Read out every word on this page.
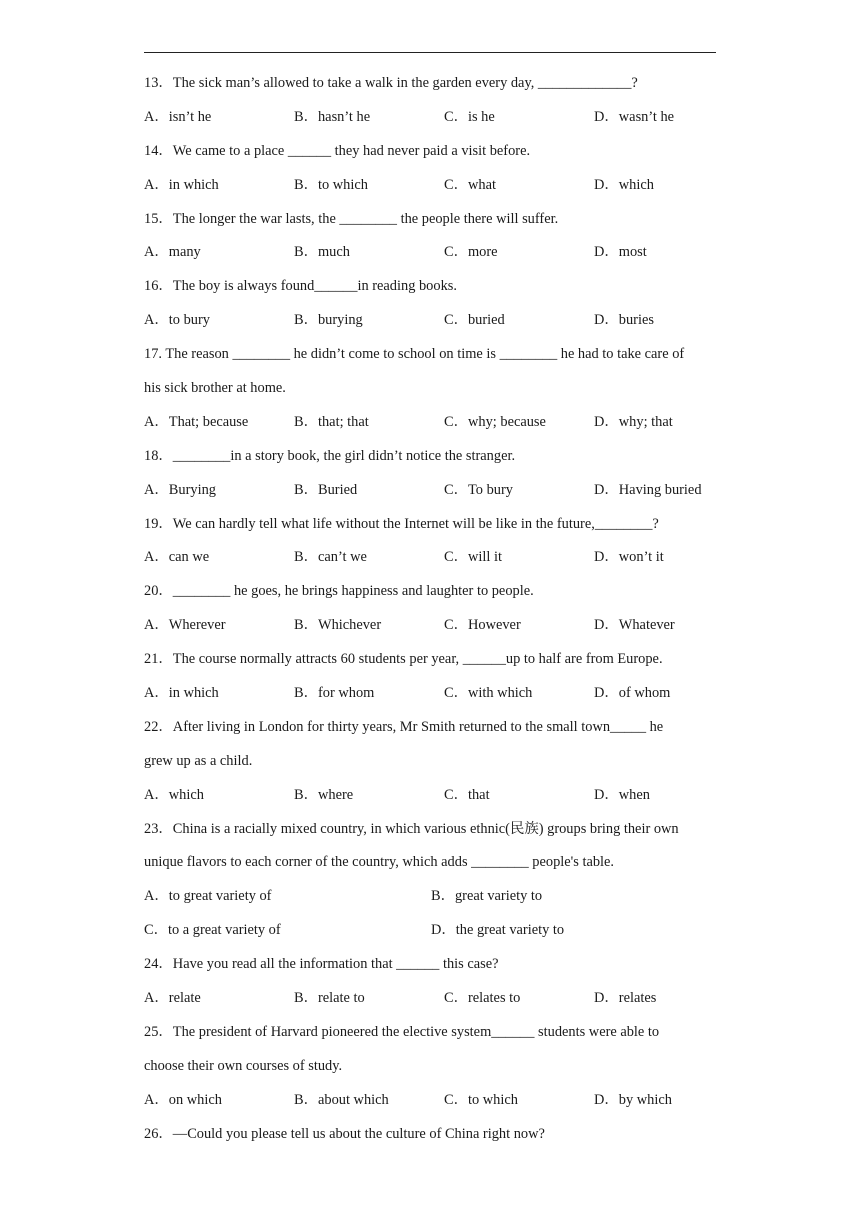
13．The sick man’s allowed to take a walk in the garden every day, _____________?
A．isn’t he	B．hasn’t he	C．is he	D．wasn’t he
14．We came to a place ______ they had never paid a visit before.
A．in which	B．to which	C．what	D．which
15．The longer the war lasts, the ________ the people there will suffer.
A．many	B．much	C．more	D．most
16．The boy is always found______in reading books.
A．to bury	B．burying	C．buried	D．buries
17. The reason ________ he didn’t come to school on time is ________ he had to take care of
his sick brother at home.
A．That; because	B．that; that	C．why; because	D．why; that
18．________in a story book, the girl didn’t notice the stranger.
A．Burying	B．Buried	C．To bury	D．Having buried
19．We can hardly tell what life without the Internet will be like in the future,________?
A．can we	B．can’t we	C．will it	D．won’t it
20．________ he goes, he brings happiness and laughter to people.
A．Wherever	B．Whichever	C．However	D．Whatever
21．The course normally attracts 60 students per year, ______up to half are from Europe.
A．in which	B．for whom	C．with which	D．of whom
22．After living in London for thirty years, Mr Smith returned to the small town_____ he
grew up as a child.
A．which	B．where	C．that	D．when
23．China is a racially mixed country, in which various ethnic(民族) groups bring their own
unique flavors to each corner of the country, which adds ________ people's table.
A．to great variety of	B．great variety to
C．to a great variety of	D．the great variety to
24．Have you read all the information that ______ this case?
A．relate	B．relate to	C．relates to	D．relates
25．The president of Harvard pioneered the elective system______ students were able to
choose their own courses of study.
A．on which	B．about which	C．to which	D．by which
26．—Could you please tell us about the culture of China right now?
